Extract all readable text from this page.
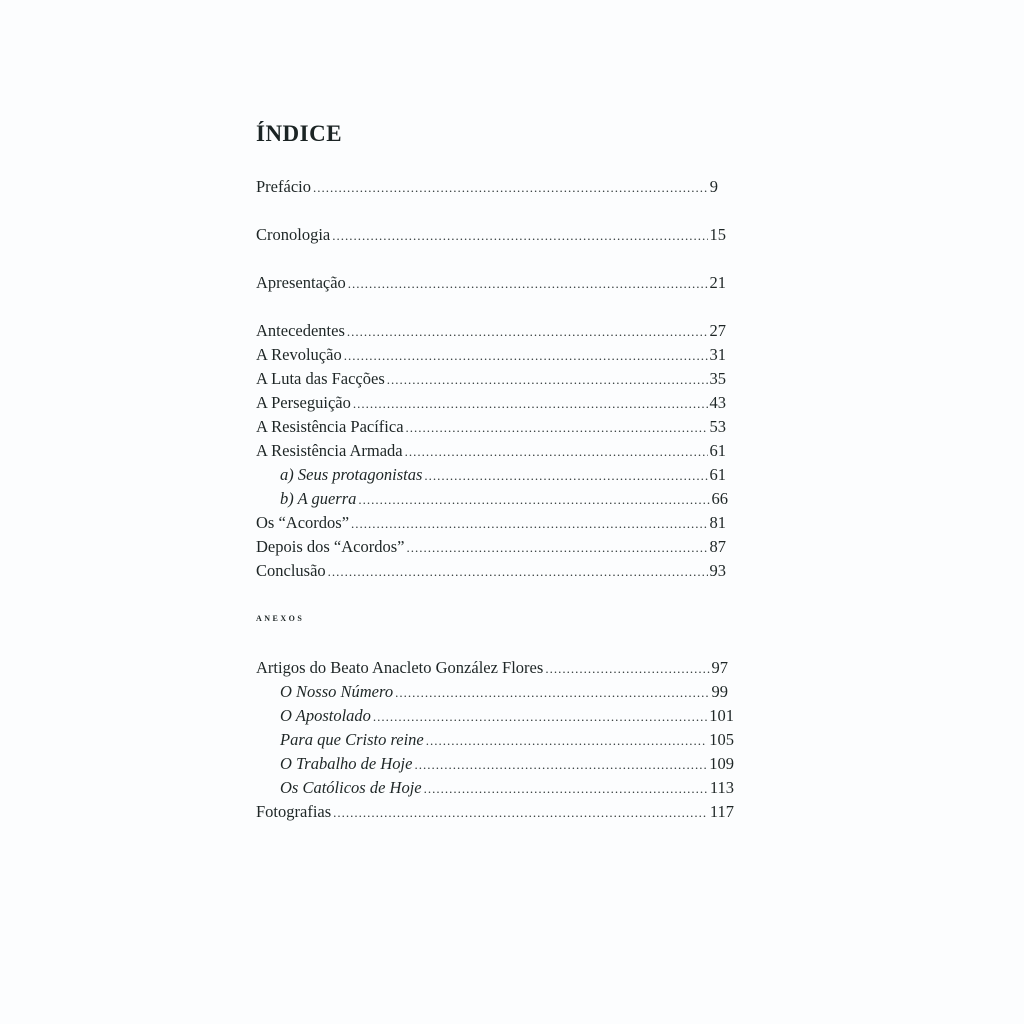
ÍNDICE
Prefácio .....	9
Cronologia .....	15
Apresentação .....	21
Antecedentes .....	27
A Revolução .....	31
A Luta das Facções .....	35
A Perseguição .....	43
A Resistência Pacífica .....	53
A Resistência Armada .....	61
a) Seus protagonistas .....	61
b) A guerra .....	66
Os “Acordos” .....	81
Depois dos “Acordos” .....	87
Conclusão .....	93
anexos
Artigos do Beato Anacleto González Flores .....	97
O Nosso Número .....	99
O Apostolado .....	101
Para que Cristo reine .....	105
O Trabalho de Hoje .....	109
Os Católicos de Hoje .....	113
Fotografias .....	117
